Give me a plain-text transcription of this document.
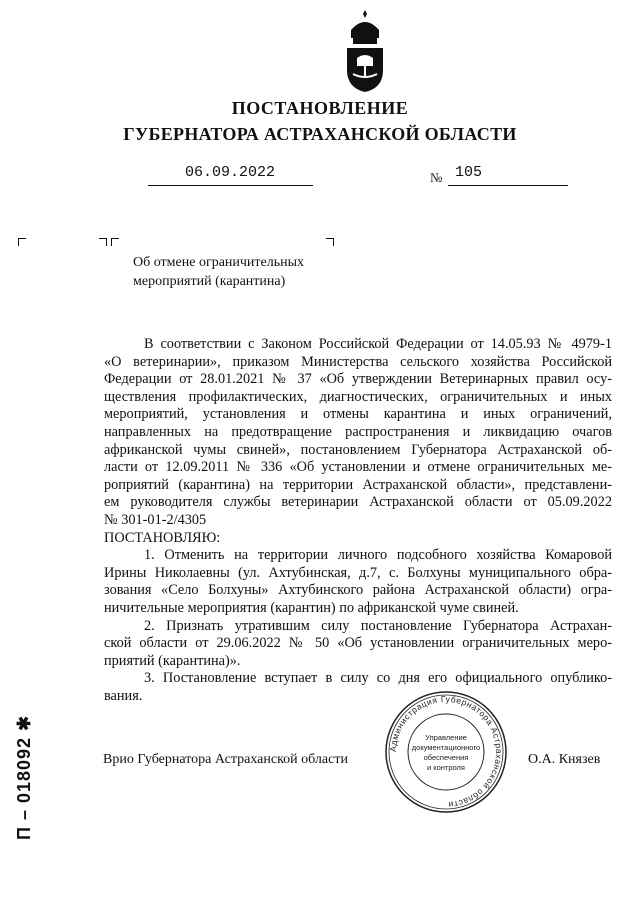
ПОСТАНОВЛЕНИЕ
ГУБЕРНАТОРА АСТРАХАНСКОЙ ОБЛАСТИ
06.09.2022	№ 105
Об отмене ограничительных
мероприятий (карантина)

В соответствии с Законом Российской Федерации от 14.05.93 № 4979-1

«О ветеринарии», приказом Министерства сельского хозяйства Российской

Федерации от 28.01.2021 № 37 «Об утверждении Ветеринарных правил осу-

ществления профилактических, диагностических, ограничительных и иных

мероприятий, установления и отмены карантина и иных ограничений,

направленных на предотвращение распространения и ликвидацию очагов

африканской чумы свиней», постановлением Губернатора Астраханской об-

ласти от 12.09.2011 № 336 «Об установлении и отмене ограничительных ме-

роприятий (карантина) на территории Астраханской области», представлени-

ем руководителя службы ветеринарии Астраханской области от 05.09.2022

№ 301-01-2/4305

ПОСТАНОВЛЯЮ:

1. Отменить на территории личного подсобного хозяйства Комаровой

Ирины Николаевны (ул. Ахтубинская, д.7, с. Болхуны муниципального обра-

зования «Село Болхуны» Ахтубинского района Астраханской области) огра-

ничительные мероприятия (карантин) по африканской чуме свиней.

2. Признать утратившим силу постановление Губернатора Астрахан-

ской области от 29.06.2022 № 50 «Об установлении ограничительных меро-

приятий (карантина)».

3. Постановление вступает в силу со дня его официального опублико-

вания.

Врио Губернатора Астраханской области	О.А. Князев
Администрация Губернатора Астраханской области
Управление
документационного
обеспечения
и контроля
П – 018092 ✱
